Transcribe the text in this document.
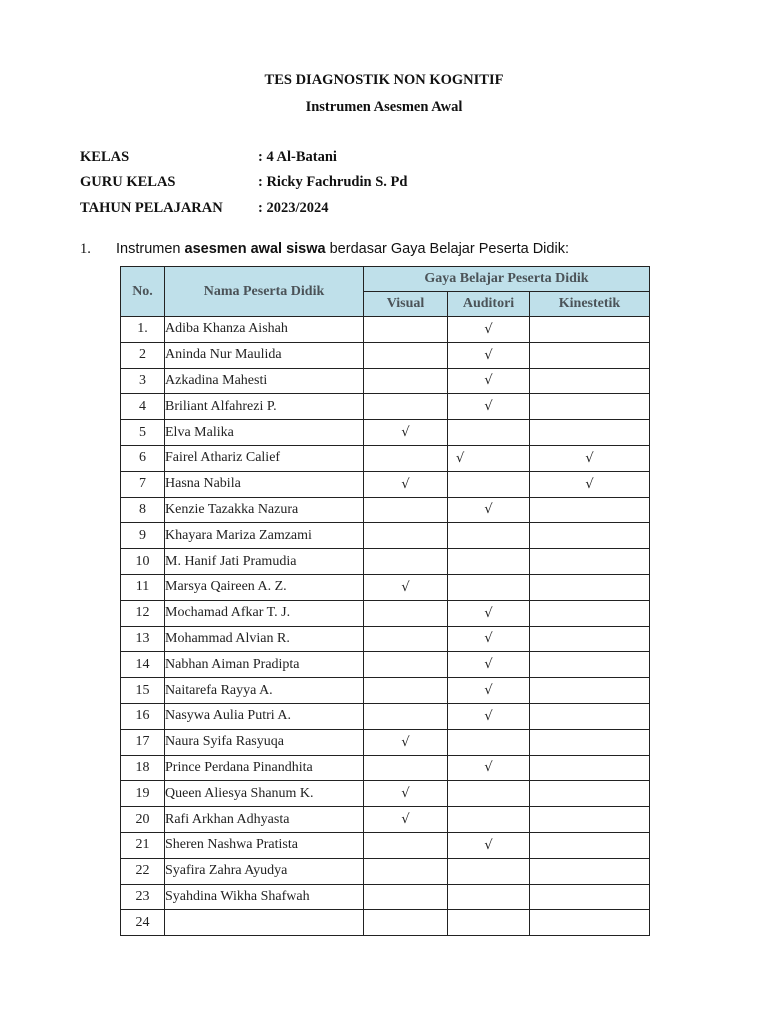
TES DIAGNOSTIK NON KOGNITIF
Instrumen Asesmen Awal
KELAS	: 4 Al-Batani
GURU KELAS	: Ricky Fachrudin S. Pd
TAHUN PELAJARAN : 2023/2024
1. Instrumen asesmen awal siswa berdasar Gaya Belajar Peserta Didik:
No.	Nama Peserta Didik	Gaya Belajar Peserta Didik		
		Visual	Auditori	Kinestetik
1.	Adiba Khanza Aishah		√	
2	Aninda Nur Maulida		√	
3	Azkadina Mahesti		√	
4	Briliant Alfahrezi P.		√	
5	Elva Malika	√		
6	Fairel Athariz Calief		√	√
7	Hasna Nabila	√		√
8	Kenzie Tazakka Nazura		√	
9	Khayara Mariza Zamzami			
10	M. Hanif Jati Pramudia			
11	Marsya Qaireen A. Z.	√		
12	Mochamad Afkar T. J.		√	
13	Mohammad Alvian R.		√	
14	Nabhan Aiman Pradipta		√	
15	Naitarefa Rayya A.		√	
16	Nasywa Aulia Putri A.		√	
17	Naura Syifa Rasyuqa	√		
18	Prince Perdana Pinandhita		√	
19	Queen Aliesya Shanum K.	√		
20	Rafi Arkhan Adhyasta	√		
21	Sheren Nashwa Pratista		√	
22	Syafira Zahra Ayudya			
23	Syahdina Wikha Shafwah			
24				
